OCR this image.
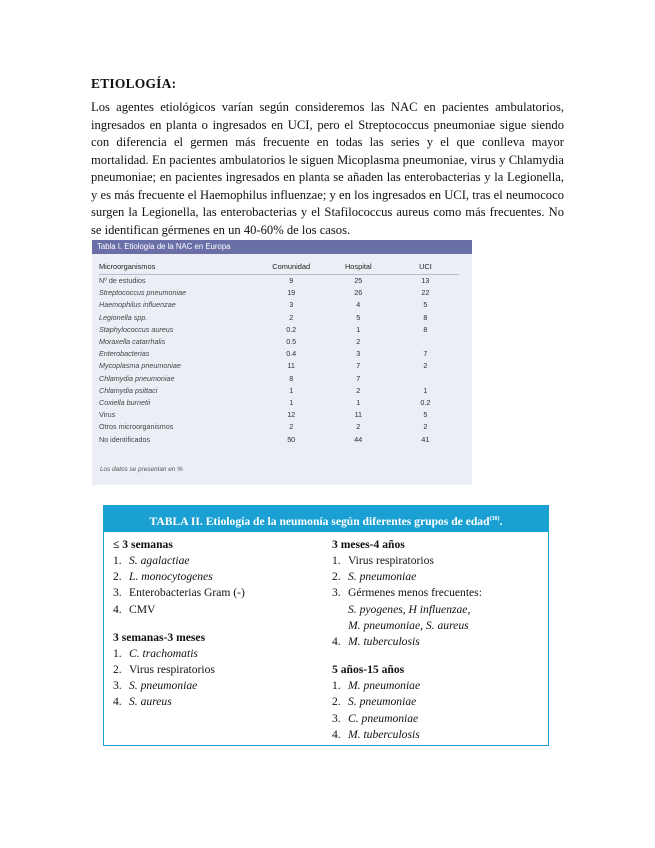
ETIOLOGÍA:

Los agentes etiológicos varían según consideremos las NAC en pacientes ambulatorios, ingresados en planta o ingresados en UCI, pero el Streptococcus pneumoniae sigue siendo con diferencia el germen más frecuente en todas las series y el que conlleva mayor mortalidad. En pacientes ambulatorios le siguen Micoplasma pneumoniae, virus y Chlamydia pneumoniae; en pacientes ingresados en planta se añaden las enterobacterias y la Legionella, y es más frecuente el Haemophilus influenzae; y en los ingresados en UCI, tras el neumococo surgen la Legionella, las enterobacterias y el Stafilococcus aureus como más frecuentes. No se identifican gérmenes en un 40-60% de los casos.

Tabla I. Etiología de la NAC en Europa
Microorganismos	Comunidad	Hospital	UCI

Nº de estudios	9	25	13
Streptococcus pneumoniae	19	26	22
Haemophilus influenzae	3	4	5
Legionella spp.	2	5	8
Staphylococcus aureus	0.2	1	8
Moraxella catarrhalis	0.5	2	
Enterobacterias	0.4	3	7
Mycoplasma pneumoniae	11	7	2
Chlamydia pneumoniae	8	7	
Chlamydia psittaci	1	2	1
Coxiella burnetii	1	1	0.2
Virus	12	11	5
Otros microorganismos	2	2	2
No identificados	50	44	41
Los datos se presentan en %
TABLA II. Etiología de la neumonía según diferentes grupos de edad$^{(30)}$.
≤ 3 semanas
1. S. agalactiae
2. L. monocytogenes
3. Enterobacterias Gram (-)
4. CMV
3 semanas-3 meses
1. C. trachomatis
2. Virus respiratorios
3. S. pneumoniae
4. S. aureus
3 meses-4 años
1. Virus respiratorios
2. S. pneumoniae
3. Gérmenes menos frecuentes:
S. pyogenes, H influenzae,
M. pneumoniae, S. aureus
4. M. tuberculosis
5 años-15 años
1. M. pneumoniae
2. S. pneumoniae
3. C. pneumoniae
4. M. tuberculosis
